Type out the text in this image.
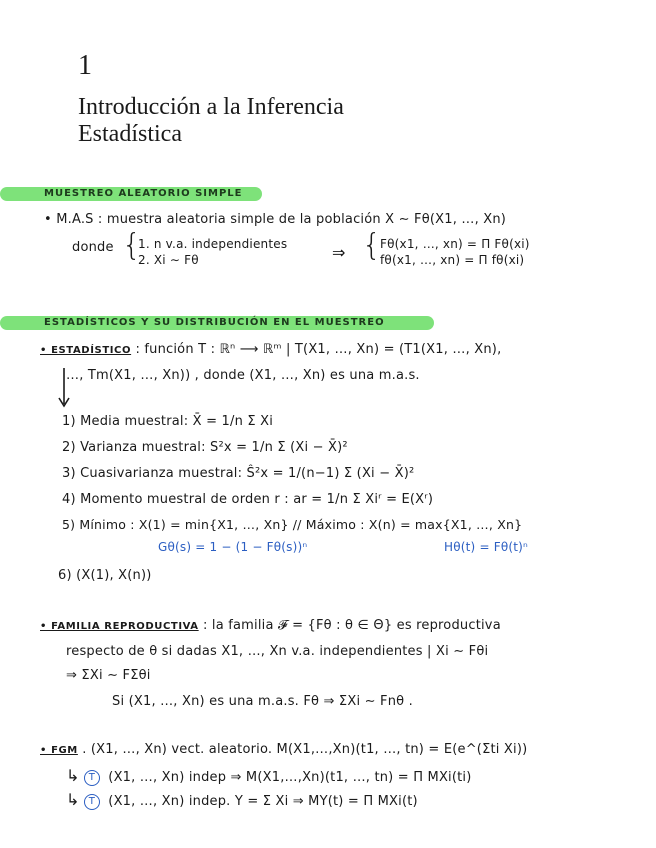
1
Introducción a la Inferencia
Estadística
MUESTREO ALEATORIO SIMPLE
• M.A.S : muestra aleatoria simple de la población X ∼ Fθ(X1, …, Xn)
donde {
1. n v.a. independientes
2. Xi ∼ Fθ	⇒ {
Fθ(x1, …, xn) = Π Fθ(xi)
fθ(x1, …, xn) = Π fθ(xi)
ESTADÍSTICOS Y SU DISTRIBUCIÓN EN EL MUESTREO
• ESTADÍSTICO : función T : ℝⁿ ⟶ ℝᵐ | T(X1, …, Xn) = (T1(X1, …, Xn),
…, Tm(X1, …, Xn)) , donde (X1, …, Xn) es una m.a.s.
1) Media muestral: X̄ = 1/n Σ Xi
2) Varianza muestral: S²x = 1/n Σ (Xi − X̄)²
3) Cuasivarianza muestral: Ŝ²x = 1/(n−1) Σ (Xi − X̄)²
4) Momento muestral de orden r : ar = 1/n Σ Xiʳ = E(Xʳ)
5) Mínimo : X(1) = min{X1, …, Xn} // Máximo : X(n) = max{X1, …, Xn}
Gθ(s) = 1 − (1 − Fθ(s))ⁿ	Hθ(t) = Fθ(t)ⁿ
6) (X(1), X(n))
• FAMILIA REPRODUCTIVA : la familia 𝓕 = {Fθ : θ ∈ Θ} es reproductiva
respecto de θ si dadas X1, …, Xn v.a. independientes | Xi ∼ Fθi
⇒ ΣXi ∼ FΣθi
Si (X1, …, Xn) es una m.a.s. Fθ ⇒ ΣXi ∼ Fnθ .
• FGM . (X1, …, Xn) vect. aleatorio. M(X1,…,Xn)(t1, …, tn) = E(e^(Σti Xi))
↳ T (X1, …, Xn) indep ⇒ M(X1,…,Xn)(t1, …, tn) = Π MXi(ti)
↳ T (X1, …, Xn) indep. Y = Σ Xi ⇒ MY(t) = Π MXi(t)
